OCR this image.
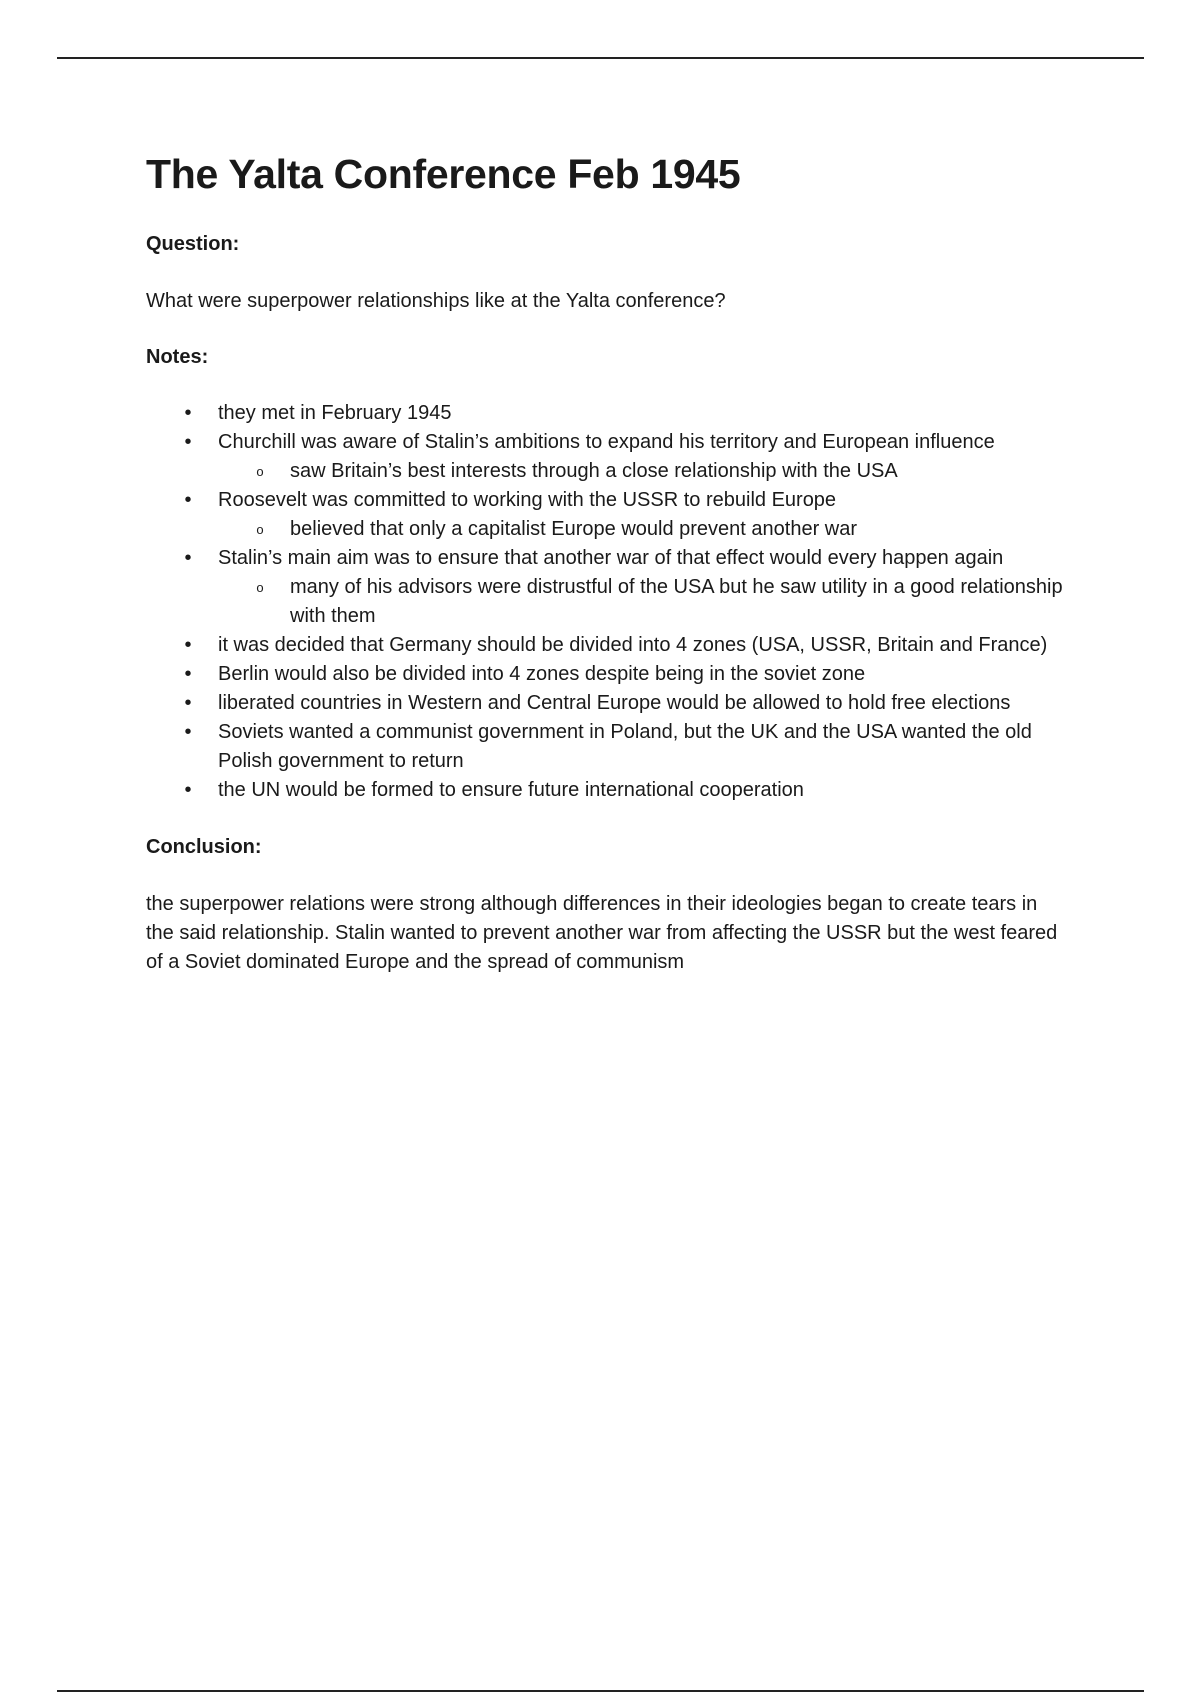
The Yalta Conference Feb 1945
Question:
What were superpower relationships like at the Yalta conference?
Notes:
• they met in February 1945
• Churchill was aware of Stalin’s ambitions to expand his territory and European influence
o saw Britain’s best interests through a close relationship with the USA
• Roosevelt was committed to working with the USSR to rebuild Europe
o believed that only a capitalist Europe would prevent another war
• Stalin’s main aim was to ensure that another war of that effect would every happen again
o many of his advisors were distrustful of the USA but he saw utility in a good relationship with them
• it was decided that Germany should be divided into 4 zones (USA, USSR, Britain and France)
• Berlin would also be divided into 4 zones despite being in the soviet zone
• liberated countries in Western and Central Europe would be allowed to hold free elections
• Soviets wanted a communist government in Poland, but the UK and the USA wanted the old Polish government to return
• the UN would be formed to ensure future international cooperation
Conclusion:
the superpower relations were strong although differences in their ideologies began to create tears in the said relationship. Stalin wanted to prevent another war from affecting the USSR but the west feared of a Soviet dominated Europe and the spread of communism
